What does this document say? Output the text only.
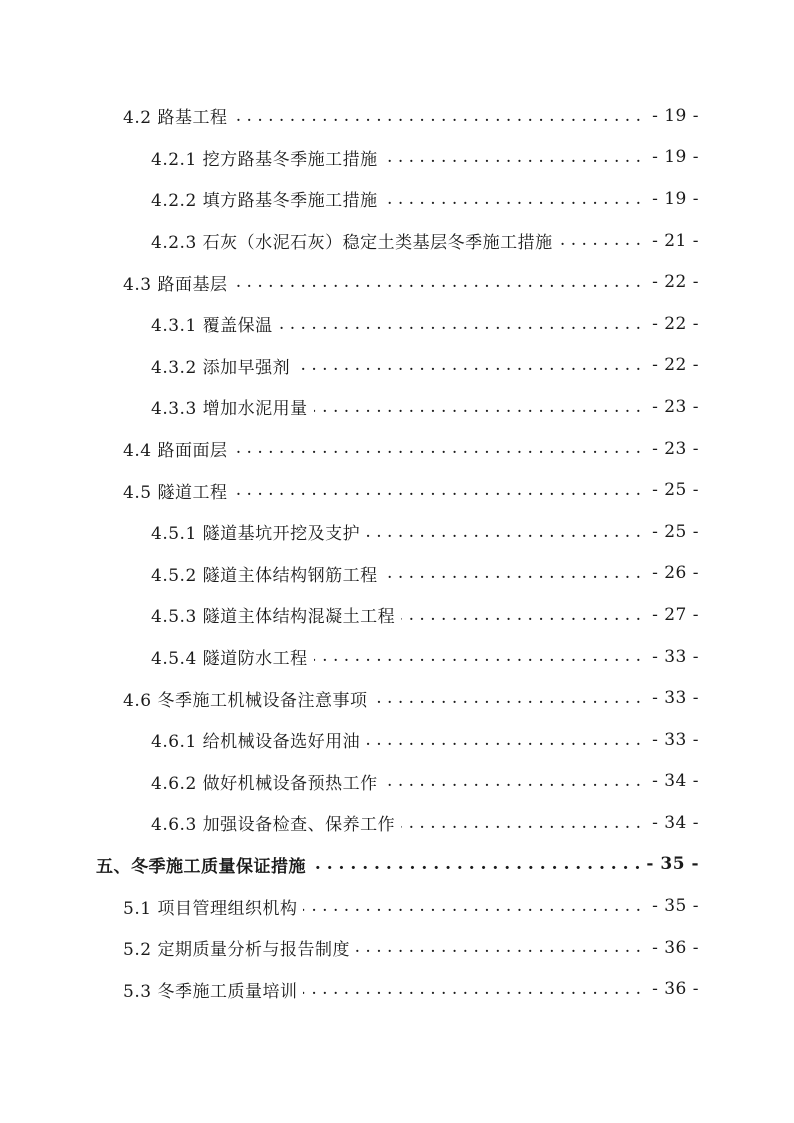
4.2 路基工程 . . .	- 19 -
4.2.1 挖方路基冬季施工措施 . . .	- 19 -
4.2.2 填方路基冬季施工措施 . . .	- 19 -
4.2.3 石灰（水泥石灰）稳定土类基层冬季施工措施 . . .	- 21 -
4.3 路面基层 . . .	- 22 -
4.3.1 覆盖保温 . . .	- 22 -
4.3.2 添加早强剂 . . .	- 22 -
4.3.3 增加水泥用量 . . .	- 23 -
4.4 路面面层 . . .	- 23 -
4.5 隧道工程 . . .	- 25 -
4.5.1 隧道基坑开挖及支护 . . .	- 25 -
4.5.2 隧道主体结构钢筋工程 . . .	- 26 -
4.5.3 隧道主体结构混凝土工程 . . .	- 27 -
4.5.4 隧道防水工程 . . .	- 33 -
4.6 冬季施工机械设备注意事项 . . .	- 33 -
4.6.1 给机械设备选好用油 . . .	- 33 -
4.6.2 做好机械设备预热工作 . . .	- 34 -
4.6.3 加强设备检查、保养工作 . . .	- 34 -
五、冬季施工质量保证措施 . . .	- 35 -
5.1 项目管理组织机构 . . .	- 35 -
5.2 定期质量分析与报告制度 . . .	- 36 -
5.3 冬季施工质量培训 . . .	- 36 -
